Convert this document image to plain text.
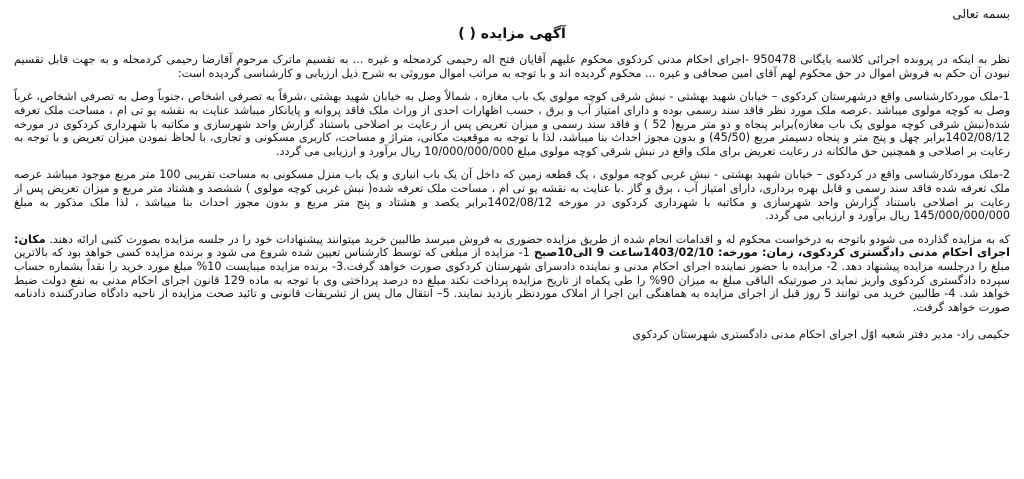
بسمه تعالی
آگهی مزایده ( )

نظر به اینکه در پرونده اجرائی کلاسه بایگانی 950478 -اجرای احکام مدنی کردکوی محکوم علیهم آقایان فتح اله رحیمی کردمحله و غیره ... به تقسیم ماترک مرحوم آقارضا رحیمی کردمحله و به جهت قابل تقسیم نبودن آن حکم به فروش اموال در حق محکوم لهم آقای امین صحافی و غیره ... محکوم گردیده اند و با توجه به مراتب اموال موروثی به شرح ذیل ارزیابی و کارشناسی گردیده است:

1-ملک موردکارشناسی واقع درشهرستان کردکوی – خیابان شهید بهشتی - نبش شرقی کوچه مولوی یک باب مغازه ، شمالاً وصل به خیابان شهید بهشتی ،شرقاً به تصرفی اشخاص ،جنوباً وصل به تصرفی اشخاص، غرباً وصل به کوچه مولوی میباشد .عرصه ملک مورد نظر فاقد سند رسمی بوده و دارای امتیاز آب و برق ، حسب اظهارات احدی از وراث ملک فاقد پروانه و پایانکار میباشد عنایت به نقشه یو تی ام ، مساحت ملک تعرفه شده(نبش شرقی کوچه مولوی یک باب مغازه)برابر پنجاه و دو متر مربع( 52 ) و فاقد سند رسمی و میزان تعریض پس از رعایت بر اصلاحی باستناد گزارش واحد شهرسازی و مکاتبه با شهرداری کردکوی در مورخه 1402/08/12برابر چهل و پنج متر و پنجاه دسیمتر مربع (45/50) و بدون مجوز احداث بنا میباشد، لذا با توجه به موقعیت مکانی، متراژ و مساحت، کاربری مسکونی و تجاری، با لحاظ نمودن میزان تعریض و با توجه به رعایت بر اصلاحی و همچنین حق مالکانه در رعایت تعریض برای ملک واقع در نبش شرقی کوچه مولوی مبلغ 10/000/000/000 ریال برآورد و ارزیابی می گردد.

2-ملک موردکارشناسی واقع در کردکوی – خیابان شهید بهشتی - نبش غربی کوچه مولوی ، یک قطعه زمین که داخل آن یک باب انباری و یک باب منزل مسکونی به مساحت تقریبی 100 متر مربع موجود میباشد عرصه ملک تعرفه شده فاقد سند رسمی و قابل بهره برداری، دارای امتیاز آب ، برق و گاز .با عنایت به نقشه یو تی ام ، مساحت ملک تعرفه شده( نبش غربی کوچه مولوی ) ششصد و هشتاد متر مربع و میزان تعریض پس از رعایت بر اصلاحی باستناد گزارش واحد شهرسازی و مکاتبه با شهرداری کردکوی در مورخه 1402/08/12برابر یکصد و هشتاد و پنج متر مربع و بدون مجوز احداث بنا میباشد ، لذا ملک مذکور به مبلغ 145/000/000/000 ریال برآورد و ارزیابی می گردد.

که به مزایده گذارده می شودو باتوجه به درخواست محکوم له و اقدامات انجام شده از طریق مزایده حضوری به فروش میرسد طالبین خرید میتوانند پیشنهادات خود را در جلسه مزایده بصورت کتبی ارائه دهند. مکان: اجرای احکام مدنی دادگستری کردکوی، زمان: مورخه: 1403/02/10ساعت 9 الی10صبح 1- مزایده از مبلغی که توسط کارشناس تعیین شده شروع می شود و برنده مزایده کسی خواهد بود که بالاترین مبلغ را درجلسه مزایده پیشنهاد دهد. 2- مزایده با حضور نماینده اجرای احکام مدنی و نماینده دادسرای شهرستان کردکوی صورت خواهد گرفت.3- برنده مزایده میبایست 10% مبلغ مورد خرید را نقداً بشماره حساب سپرده دادگستری کردکوی واریز نماید در صورتیکه الباقی مبلغ به میزان 90% را طی یکماه از تاریخ مزایده پرداخت نکند مبلغ ده درصد پرداختی وی با توجه به ماده 129 قانون اجرای احکام مدنی به نفع دولت ضبط خواهد شد. 4- طالبین خرید می توانند 5 روز قبل از اجرای مزایده به هماهنگی این اجرا از املاک موردنظر بازدید نمایند. 5– انتقال مال پس از تشریفات قانونی و تائید صحت مزایده از ناحیه دادگاه صادرکننده دادنامه صورت خواهد گرفت.

حکیمی راد- مدیر دفتر شعبه اوّل اجرای احکام مدنی دادگستری شهرستان کردکوی
